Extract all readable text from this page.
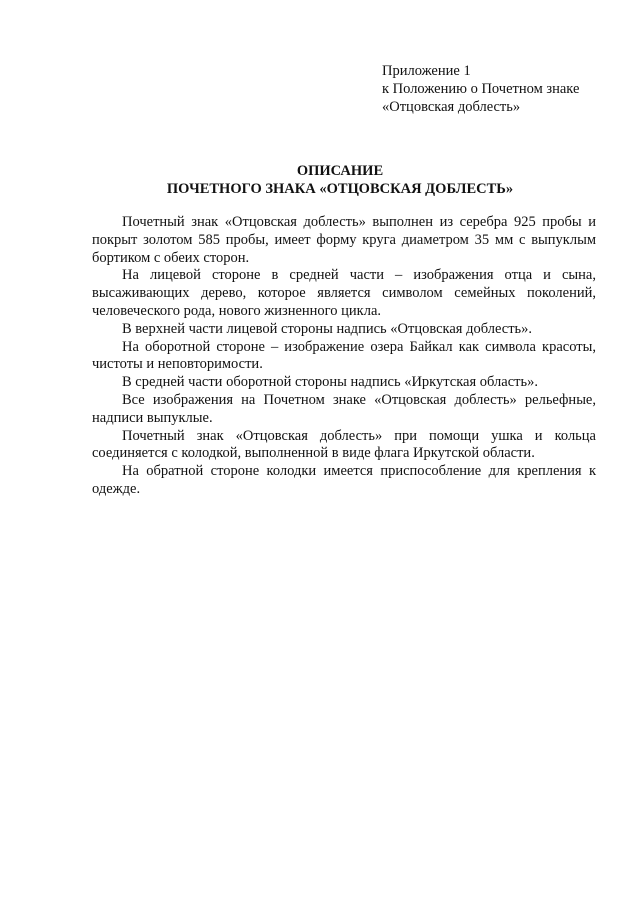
Приложение 1
к Положению о Почетном знаке
«Отцовская доблесть»
ОПИСАНИЕ
ПОЧЕТНОГО ЗНАКА «ОТЦОВСКАЯ ДОБЛЕСТЬ»

Почетный знак «Отцовская доблесть» выполнен из серебра 925 пробы и покрыт золотом 585 пробы, имеет форму круга диаметром 35 мм с выпуклым бортиком с обеих сторон.

На лицевой стороне в средней части – изображения отца и сына, высаживающих дерево, которое является символом семейных поколений, человеческого рода, нового жизненного цикла.

В верхней части лицевой стороны надпись «Отцовская доблесть».

На оборотной стороне – изображение озера Байкал как символа красоты, чистоты и неповторимости.

В средней части оборотной стороны надпись «Иркутская область».

Все изображения на Почетном знаке «Отцовская доблесть» рельефные, надписи выпуклые.

Почетный знак «Отцовская доблесть» при помощи ушка и кольца соединяется с колодкой, выполненной в виде флага Иркутской области.

На обратной стороне колодки имеется приспособление для крепления к одежде.
